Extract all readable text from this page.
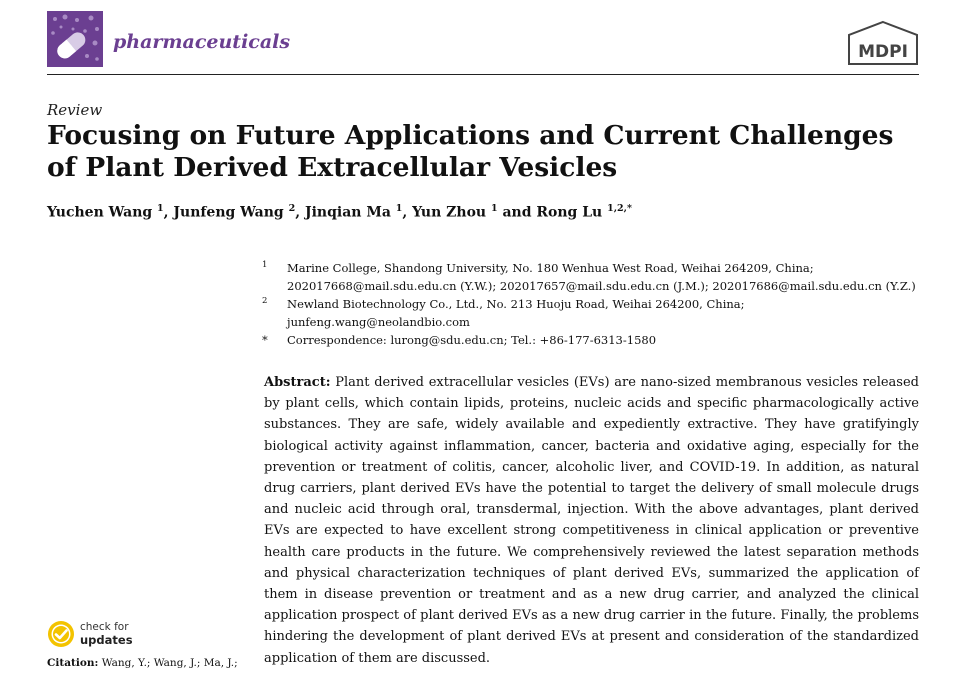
pharmaceuticals	MDPI
Review
Focusing on Future Applications and Current Challenges of Plant Derived Extracellular Vesicles
Yuchen Wang $^1$, Junfeng Wang $^2$, Jinqian Ma $^1$, Yun Zhou $^1$ and Rong Lu $^{1,2,*}$
1 Marine College, Shandong University, No. 180 Wenhua West Road, Weihai 264209, China;
202017668@mail.sdu.edu.cn (Y.W.); 202017657@mail.sdu.edu.cn (J.M.); 202017686@mail.sdu.edu.cn (Y.Z.)
2 Newland Biotechnology Co., Ltd., No. 213 Huoju Road, Weihai 264200, China;
junfeng.wang@neolandbio.com
* Correspondence: lurong@sdu.edu.cn; Tel.: +86-177-6313-1580

Abstract: Plant derived extracellular vesicles (EVs) are nano-sized membranous vesicles released by plant cells, which contain lipids, proteins, nucleic acids and specific pharmacologically active substances. They are safe, widely available and expediently extractive. They have gratifyingly biological activity against inflammation, cancer, bacteria and oxidative aging, especially for the prevention or treatment of colitis, cancer, alcoholic liver, and COVID-19. In addition, as natural drug carriers, plant derived EVs have the potential to target the delivery of small molecule drugs and nucleic acid through oral, transdermal, injection. With the above advantages, plant derived EVs are expected to have excellent strong competitiveness in clinical application or preventive health care products in the future. We comprehensively reviewed the latest separation methods and physical characterization techniques of plant derived EVs, summarized the application of them in disease prevention or treatment and as a new drug carrier, and analyzed the clinical application prospect of plant derived EVs as a new drug carrier in the future. Finally, the problems hindering the development of plant derived EVs at present and consideration of the standardized application of them are discussed.

check for
updates
Citation: Wang, Y.; Wang, J.; Ma, J.;
